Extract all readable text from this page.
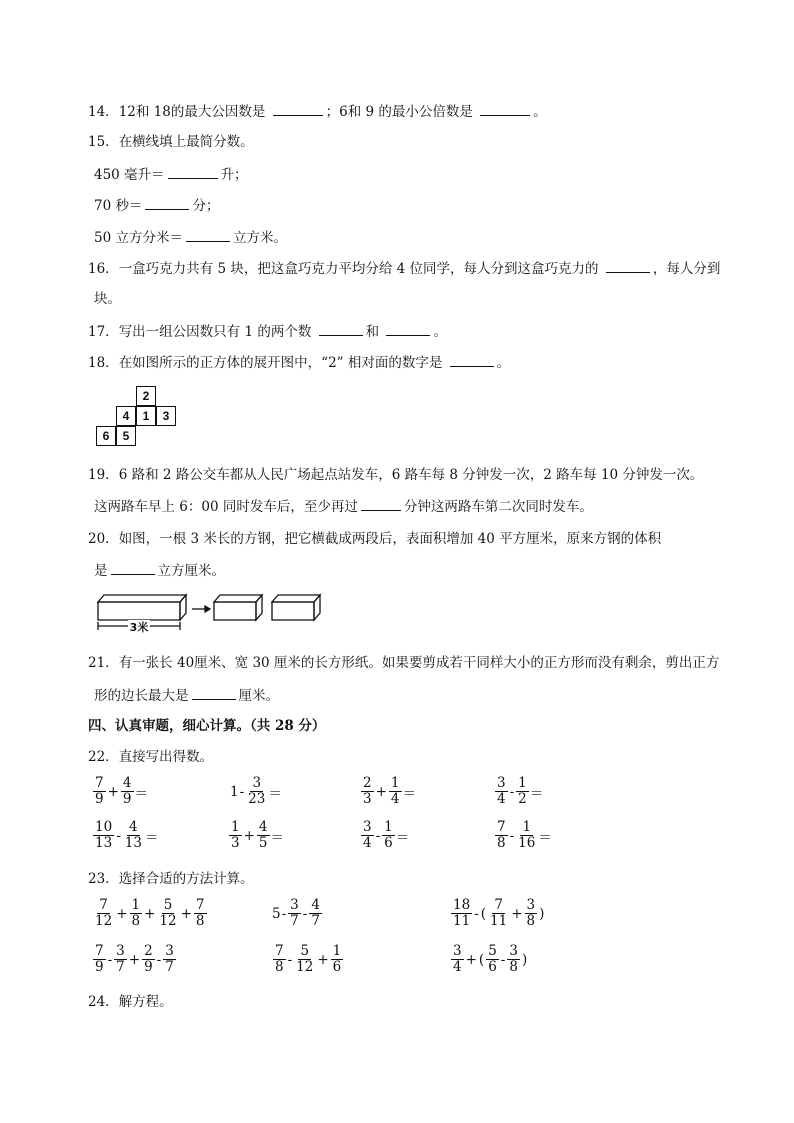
14．12和 18的最大公因数是	；6和 9 的最小公倍数是	。
15．在横线填上最简分数。
450 毫升＝	升；
70 秒＝	分；
50 立方分米＝	立方米。
16．一盒巧克力共有 5 块，把这盒巧克力平均分给 4 位同学，每人分到这盒巧克力的	，每人分到
块。
17．写出一组公因数只有 1 的两个数	和	。
18．在如图所示的正方体的展开图中，“2” 相对面的数字是	。
2
4	1	3
6	5
19．6 路和 2 路公交车都从人民广场起点站发车，6 路车每 8 分钟发一次，2 路车每 10 分钟发一次。
这两路车早上 6：00 同时发车后，至少再过	分钟这两路车第二次同时发车。
20．如图，一根 3 米长的方钢，把它横截成两段后，表面积增加 40 平方厘米，原来方钢的体积
是	立方厘米。
3米
21．有一张长 40厘米、宽 30 厘米的长方形纸。如果要剪成若干同样大小的正方形而没有剩余，剪出正方
形的边长最大是	厘米。
四、认真审题，细心计算。（共 28 分）
22．直接写出得数。
$\frac{7}{9} + \frac{4}{9}$ ＝	$1 - \frac{3}{23}$ ＝	$\frac{2}{3} + \frac{1}{4}$ ＝	$\frac{3}{4} - \frac{1}{2}$ ＝
$\frac{10}{13} - \frac{4}{13}$ ＝	$\frac{1}{3} + \frac{4}{5}$ ＝	$\frac{3}{4} - \frac{1}{6}$ ＝	$\frac{7}{8} - \frac{1}{16}$ ＝
23．选择合适的方法计算。
$\frac{7}{12} + \frac{1}{8} + \frac{5}{12} + \frac{7}{8}$	$5 - \frac{3}{7} - \frac{4}{7}$	$\frac{18}{11}$ - ( $\frac{7}{11} + \frac{3}{8}$ )
$\frac{7}{9} - \frac{3}{7} + \frac{2}{9} - \frac{3}{7}$	$\frac{7}{8} - \frac{5}{12} + \frac{1}{6}$	$\frac{3}{4}$ + ( $\frac{5}{6} - \frac{3}{8}$ )
24．解方程。
